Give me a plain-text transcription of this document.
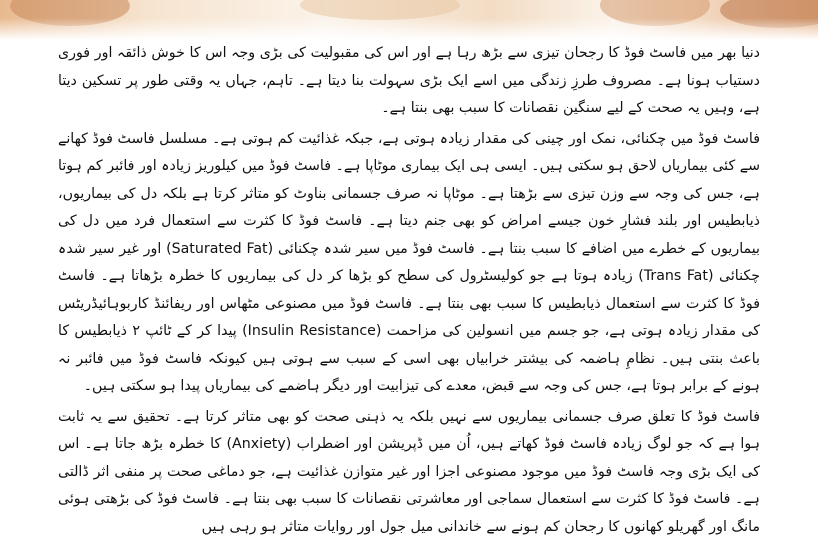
دنیا بھر میں فاسٹ فوڈ کا رجحان تیزی سے بڑھ رہا ہے اور اس کی مقبولیت کی بڑی وجہ اس کا خوش ذائقہ اور فوری دستیاب ہونا ہے۔ مصروف طرزِ زندگی میں اسے ایک بڑی سہولت بنا دیتا ہے۔ تاہم، جہاں یہ وقتی طور پر تسکین دیتا ہے، وہیں یہ صحت کے لیے سنگین نقصانات کا سبب بھی بنتا ہے۔

فاسٹ فوڈ میں چکنائی، نمک اور چینی کی مقدار زیادہ ہوتی ہے، جبکہ غذائیت کم ہوتی ہے۔ مسلسل فاسٹ فوڈ کھانے سے کئی بیماریاں لاحق ہو سکتی ہیں۔ ایسی ہی ایک بیماری موٹاپا ہے۔ فاسٹ فوڈ میں کیلوریز زیادہ اور فائبر کم ہوتا ہے، جس کی وجہ سے وزن تیزی سے بڑھتا ہے۔ موٹاپا نہ صرف جسمانی بناوٹ کو متاثر کرتا ہے بلکہ دل کی بیماریوں، ذیابطیس اور بلند فشارِ خون جیسے امراض کو بھی جنم دیتا ہے۔ فاسٹ فوڈ کا کثرت سے استعمال فرد میں دل کی بیماریوں کے خطرے میں اضافے کا سبب بنتا ہے۔ فاسٹ فوڈ میں سیر شدہ چکنائی (Saturated Fat) اور غیر سیر شدہ چکنائی (Trans Fat) زیادہ ہوتا ہے جو کولیسٹرول کی سطح کو بڑھا کر دل کی بیماریوں کا خطرہ بڑھاتا ہے۔ فاسٹ فوڈ کا کثرت سے استعمال ذیابطیس کا سبب بھی بنتا ہے۔ فاسٹ فوڈ میں مصنوعی مٹھاس اور ریفائنڈ کاربوہائیڈریٹس کی مقدار زیادہ ہوتی ہے، جو جسم میں انسولین کی مزاحمت (Insulin Resistance) پیدا کر کے ٹائپ ۲ ذیابطیس کا باعث بنتی ہیں۔ نظامِ ہاضمہ کی بیشتر خرابیاں بھی اسی کے سبب سے ہوتی ہیں کیونکہ فاسٹ فوڈ میں فائبر نہ ہونے کے برابر ہوتا ہے، جس کی وجہ سے قبض، معدے کی تیزابیت اور دیگر ہاضمے کی بیماریاں پیدا ہو سکتی ہیں۔

فاسٹ فوڈ کا تعلق صرف جسمانی بیماریوں سے نہیں بلکہ یہ ذہنی صحت کو بھی متاثر کرتا ہے۔ تحقیق سے یہ ثابت ہوا ہے کہ جو لوگ زیادہ فاسٹ فوڈ کھاتے ہیں، اُن میں ڈپریشن اور اضطراب (Anxiety) کا خطرہ بڑھ جاتا ہے۔ اس کی ایک بڑی وجہ فاسٹ فوڈ میں موجود مصنوعی اجزا اور غیر متوازن غذائیت ہے، جو دماغی صحت پر منفی اثر ڈالتی ہے۔ فاسٹ فوڈ کا کثرت سے استعمال سماجی اور معاشرتی نقصانات کا سبب بھی بنتا ہے۔ فاسٹ فوڈ کی بڑھتی ہوئی مانگ اور گھریلو کھانوں کا رجحان کم ہونے سے خاندانی میل جول اور روایات متاثر ہو رہی ہیں
